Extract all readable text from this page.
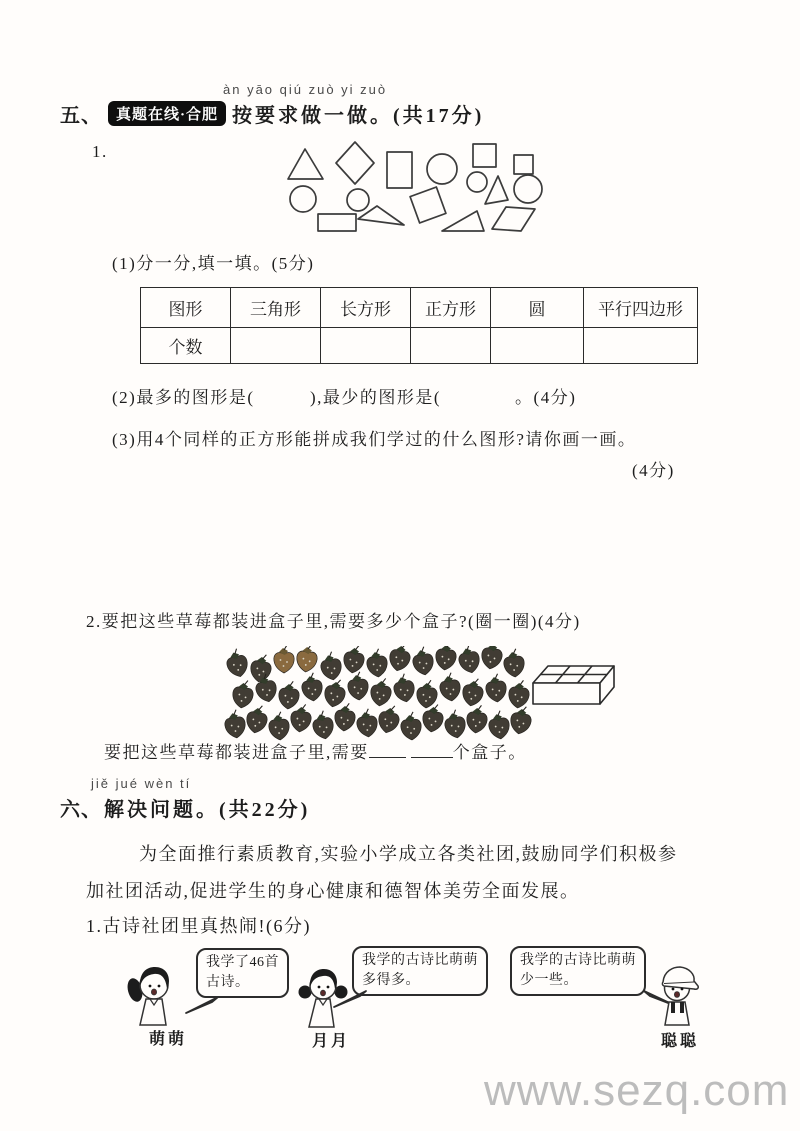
àn yāo qiú zuò yi zuò
五、 真题在线·合肥 按要求做一做。(共17分)
1.
(1)分一分,填一填。(5分)
图形	三角形	长方形	正方形	圆	平行四边形
个数					
(2)最多的图形是(　　　),最少的图形是(　　　　。(4分)
(3)用4个同样的正方形能拼成我们学过的什么图形?请你画一画。
(4分)
2.要把这些草莓都装进盒子里,需要多少个盒子?(圈一圈)(4分)
要把这些草莓都装进盒子里,需要	个盒子。
jiě jué wèn tí
六、 解决问题。(共22分)
为全面推行素质教育,实验小学成立各类社团,鼓励同学们积极参
加社团活动,促进学生的身心健康和德智体美劳全面发展。
1.古诗社团里真热闹!(6分)
萌萌
我学了46首
古诗。
月月
我学的古诗比萌萌
多得多。
我学的古诗比萌萌
少一些。
聪聪
www.sezq.com
